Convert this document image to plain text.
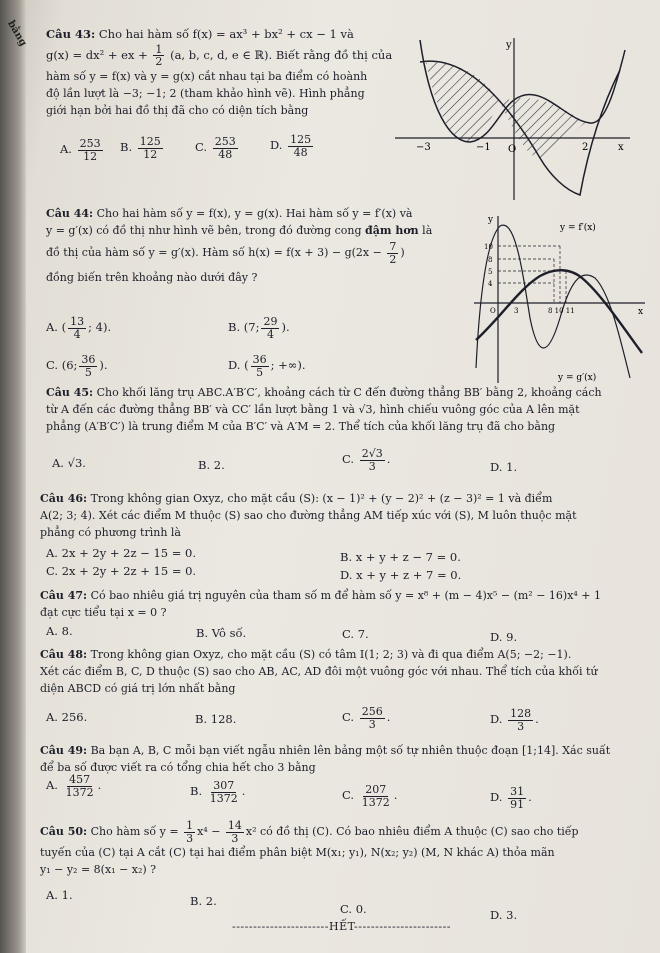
bằng Câu 43: Cho hai hàm số f(x) = ax³ + bx² + cx − 1 và
g(x) = dx² + ex + $\frac{1}{2} (a$, b, c, d, e ∈ ℝ). Biết rằng đồ thị của
hàm số y = f(x) và y = g(x) cắt nhau tại ba điểm có hoành
độ lần lượt là −3; −1; 2 (tham khảo hình vẽ). Hình phẳng
giới hạn bởi hai đồ thị đã cho có diện tích bằng
A. $\frac{253}{12} B$. $\frac{125}{12}$	C. $\frac{253}{48}$	D. $\frac{125}{48}$
y
x
−3	−1 O	2
Câu 44: Cho hai hàm số y = f(x), y = g(x). Hai hàm số y = f′(x) và
y = g′(x) có đồ thị như hình vẽ bên, trong đó đường cong đậm hơn là
đồ thị của hàm số y = g′(x). Hàm số $h(x) = f(x + 3) - g(2x - \frac{7}{2}$ )
đồng biến trên khoảng nào dưới đây ?
A. ( $\frac{13}{4}$ ; 4).	B. (7; $\frac{29}{4}$ ).
C. (6; $\frac{36}{5}$ ).	D. ( $\frac{36}{5}$ ; +∞).
y
x
y = f′(x)
y = g′(x)
10
8
5
4
O	3	8 10 11
Câu 45: Cho khối lăng trụ ABC.A′B′C′, khoảng cách từ C đến đường thẳng BB′ bằng 2, khoảng cách
từ A đến các đường thẳng BB′ và CC′ lần lượt bằng 1 và √3, hình chiếu vuông góc của A lên mặt
phẳng (A′B′C′) là trung điểm M của B′C′ và A′M = 2. Thể tích của khối lăng trụ đã cho bằng
A. √3.	B. 2.	C. $\frac{2√3}{3}$ .
D. 1.
Câu 46: Trong không gian Oxyz, cho mặt cầu (S): (x − 1)² + (y − 2)² + (z − 3)² = 1 và điểm
A(2; 3; 4). Xét các điểm M thuộc (S) sao cho đường thẳng AM tiếp xúc với (S), M luôn thuộc mặt
phẳng có phương trình là
A. 2x + 2y + 2z − 15 = 0.	B. x + y + z − 7 = 0.
C. 2x + 2y + 2z + 15 = 0.	D. x + y + z + 7 = 0.
Câu 47: Có bao nhiêu giá trị nguyên của tham số m để hàm số y = x⁸ + (m − 4)x⁵ − (m² − 16)x⁴ + 1
đạt cực tiểu tại x = 0 ?
A. 8.	B. Vô số.	C. 7.	D. 9.
Câu 48: Trong không gian Oxyz, cho mặt cầu (S) có tâm I(1; 2; 3) và đi qua điểm A(5; −2; −1).
Xét các điểm B, C, D thuộc (S) sao cho AB, AC, AD đôi một vuông góc với nhau. Thể tích của khối tứ
diện ABCD có giá trị lớn nhất bằng
A. 256.	B. 128.	C. $\frac{256}{3}$ .	D. $\frac{128}{3}$ .
Câu 49: Ba bạn A, B, C mỗi bạn viết ngẫu nhiên lên bảng một số tự nhiên thuộc đoạn [1;14]. Xác suất
để ba số được viết ra có tổng chia hết cho 3 bằng
A. $\frac{457}{1372}$ .	B. $\frac{307}{1372}$ .	C. $\frac{207}{1372}$ .	D. $\frac{31}{91}$ .
Câu 50: Cho hàm số $y = \frac{1}{3} x^4 - \frac{14}{3} x^2$ có đồ thị (C). Có bao nhiêu điểm A thuộc (C) sao cho tiếp
tuyến của (C) tại A cắt (C) tại hai điểm phân biệt M(x₁; y₁), N(x₂; y₂) (M, N khác A) thỏa mãn
y₁ − y₂ = 8(x₁ − x₂) ?
A. 1.	B. 2.
C. 0.	D. 3.
-----------------------HẾT-----------------------
